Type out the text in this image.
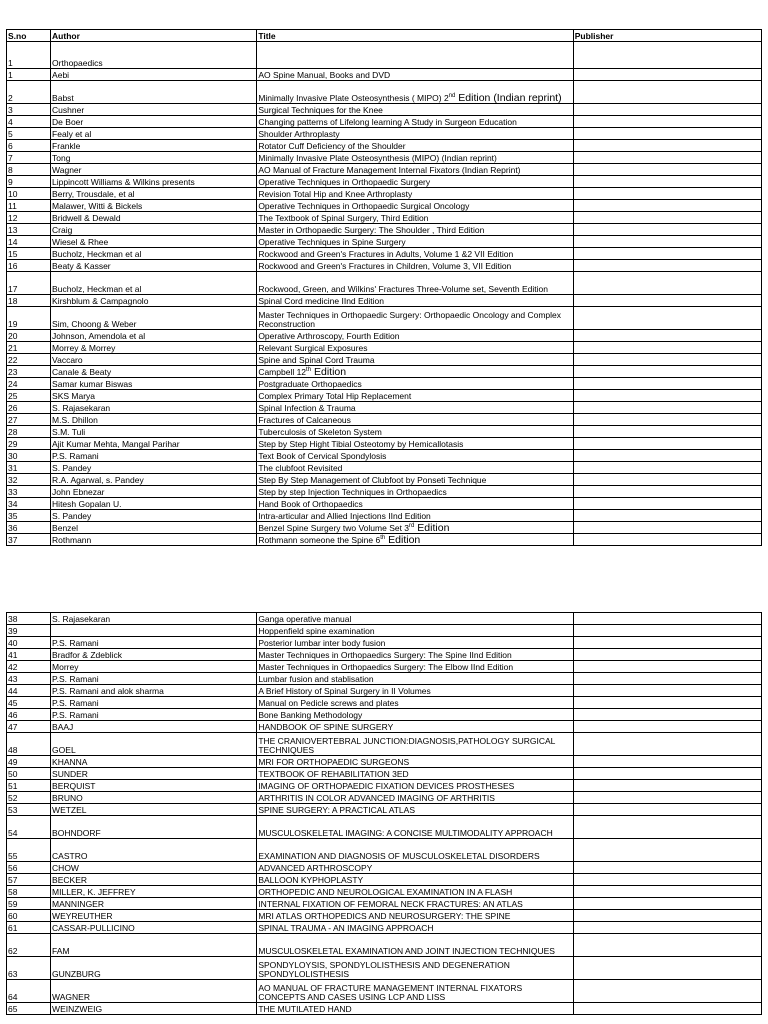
S.no	Author	Title	Publisher
1	Orthopaedics		
1	Aebi	AO Spine Manual, Books and DVD	
2	Babst	Minimally Invasive Plate Osteosynthesis ( MIPO) 2nd Edition (Indian reprint)	
3	Cushner	Surgical Techniques for the Knee	
4	De Boer	Changing patterns of Lifelong learning A Study in Surgeon Education	
5	Fealy et al	Shoulder Arthroplasty	
6	Frankle	Rotator Cuff Deficiency of the Shoulder	
7	Tong	Minimally Invasive Plate Osteosynthesis (MIPO) (Indian reprint)	
8	Wagner	AO Manual of Fracture Management Internal Fixators (Indian Reprint)	
9	Lippincott Williams & Wilkins presents	Operative Techniques in Orthopaedic Surgery	
10	Berry, Trousdale, et al	Revision Total Hip and Knee Arthroplasty	
11	Malawer, Witti & Bickels	Operative Techniques in Orthopaedic Surgical Oncology	
12	Bridwell & Dewald	The Textbook of Spinal Surgery, Third Edition	
13	Craig	Master in Orthopaedic Surgery: The Shoulder , Third Edition	
14	Wiesel & Rhee	Operative Techniques in Spine Surgery	
15	Bucholz, Heckman et al	Rockwood and Green's Fractures in Adults, Volume 1 &2 VII Edition	
16	Beaty & Kasser	Rockwood and Green's Fractures in Children, Volume 3, VII Edition	
17	Bucholz, Heckman et al	Rockwood, Green, and Wilkins' Fractures Three-Volume set, Seventh Edition	
18	Kirshblum & Campagnolo	Spinal Cord medicine IInd Edition	
19	Sim, Choong & Weber	Master Techniques in Orthopaedic Surgery: Orthopaedic Oncology and Complex Reconstruction	
20	Johnson, Amendola et al	Operative Arthroscopy, Fourth Edition	
21	Morrey & Morrey	Relevant Surgical Exposures	
22	Vaccaro	Spine and Spinal Cord Trauma	
23	Canale & Beaty	Campbell 12th Edition	
24	Samar kumar Biswas	Postgraduate Orthopaedics	
25	SKS Marya	Complex Primary Total Hip Replacement	
26	S. Rajasekaran	Spinal Infection & Trauma	
27	M.S. Dhillon	Fractures of Calcaneous	
28	S.M. Tuli	Tuberculosis of Skeleton System	
29	Ajit Kumar Mehta, Mangal Parihar	Step by Step Hight Tibial Osteotomy by Hemicallotasis	
30	P.S. Ramani	Text Book of Cervical Spondylosis	
31	S. Pandey	The clubfoot Revisited	
32	R.A. Agarwal, s. Pandey	Step By Step Management of Clubfoot by Ponseti Technique	
33	John Ebnezar	Step by step Injection Techniques in Orthopaedics	
34	Hitesh Gopalan U.	Hand Book of Orthopaedics	
35	S. Pandey	Intra-articular and Allied Injections IInd Edition	
36	Benzel	Benzel Spine Surgery two Volume Set 3rd Edition	
37	Rothmann	Rothmann someone the Spine 6th Edition	
38	S. Rajasekaran	Ganga operative manual	
39		Hoppenfield spine examination	
40	P.S. Ramani	Posterior lumbar inter body fusion	
41	Bradfor & Zdeblick	Master Techniques in Orthopaedics Surgery: The Spine IInd Edition	
42	Morrey	Master Techniques in Orthopaedics Surgery: The Elbow IInd Edition	
43	P.S. Ramani	Lumbar fusion and stablisation	
44	P.S. Ramani and alok sharma	A Brief History of Spinal Surgery in II Volumes	
45	P.S. Ramani	Manual on Pedicle screws and plates	
46	P.S. Ramani	Bone Banking Methodology	
47	BAAJ	HANDBOOK OF SPINE SURGERY	
48	GOEL	THE CRANIOVERTEBRAL JUNCTION:DIAGNOSIS,PATHOLOGY SURGICAL TECHNIQUES	
49	KHANNA	MRI FOR ORTHOPAEDIC SURGEONS	
50	SUNDER	TEXTBOOK OF REHABILITATION 3ED	
51	BERQUIST	IMAGING OF ORTHOPAEDIC FIXATION DEVICES PROSTHESES	
52	BRUNO	ARTHRITIS IN COLOR ADVANCED IMAGING OF ARTHRITIS	
53	WETZEL	SPINE SURGERY: A PRACTICAL ATLAS	
54	BOHNDORF	MUSCULOSKELETAL IMAGING: A CONCISE MULTIMODALITY APPROACH	
55	CASTRO	EXAMINATION AND DIAGNOSIS OF MUSCULOSKELETAL DISORDERS	
56	CHOW	ADVANCED ARTHROSCOPY	
57	BECKER	BALLOON KYPHOPLASTY	
58	MILLER, K. JEFFREY	ORTHOPEDIC AND NEUROLOGICAL EXAMINATION IN A FLASH	
59	MANNINGER	INTERNAL FIXATION OF FEMORAL NECK FRACTURES: AN ATLAS	
60	WEYREUTHER	MRI ATLAS ORTHOPEDICS AND NEUROSURGERY: THE SPINE	
61	CASSAR-PULLICINO	SPINAL TRAUMA - AN IMAGING APPROACH	
62	FAM	MUSCULOSKELETAL EXAMINATION AND JOINT INJECTION TECHNIQUES	
63	GUNZBURG	SPONDYLOYSIS, SPONDYLOLISTHESIS AND DEGENERATION SPONDYLOLISTHESIS	
64	WAGNER	AO MANUAL OF FRACTURE MANAGEMENT INTERNAL FIXATORS CONCEPTS AND CASES USING LCP AND LISS	
65	WEINZWEIG	THE MUTILATED HAND	
